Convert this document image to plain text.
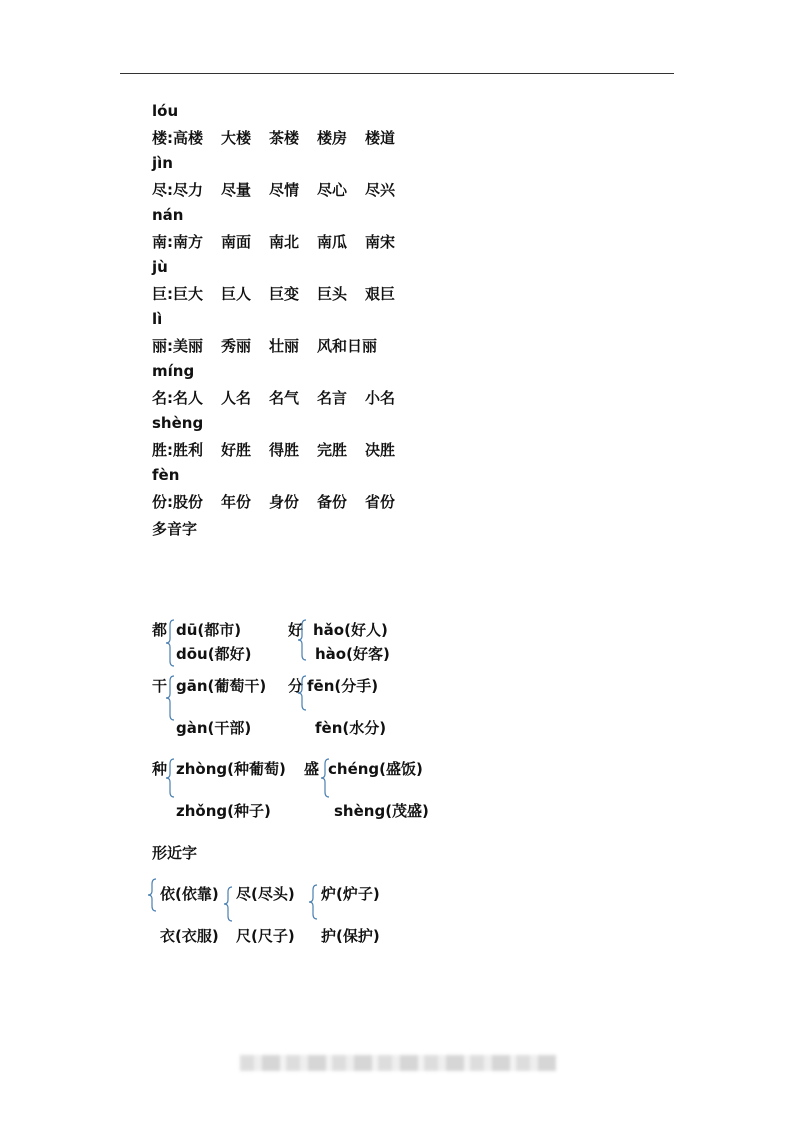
lóu
楼: 高楼 大楼 茶楼 楼房 楼道
jìn
尽: 尽力 尽量 尽情 尽心 尽兴
nán
南: 南方 南面 南北 南瓜 南宋
jù
巨: 巨大 巨人 巨变 巨头 艰巨
lì
丽: 美丽 秀丽 壮丽 风和日丽
míng
名: 名人 人名 名气 名言 小名
shèng
胜: 胜利 好胜 得胜 完胜 决胜
fèn
份: 股份 年份 身份 备份 省份
多音字
都 dū(都市)
dōu(都好)
好 hǎo(好人)
hào(好客)
干 gān(葡萄干)
gàn(干部)
分 fēn(分手)
fèn(水分)
种 zhòng(种葡萄)
zhǒng(种子)
盛 chéng(盛饭)
shèng(茂盛)
形近字
依(依靠)
衣(衣服)
尽(尽头)
尺(尺子)
炉(炉子)
护(保护)
